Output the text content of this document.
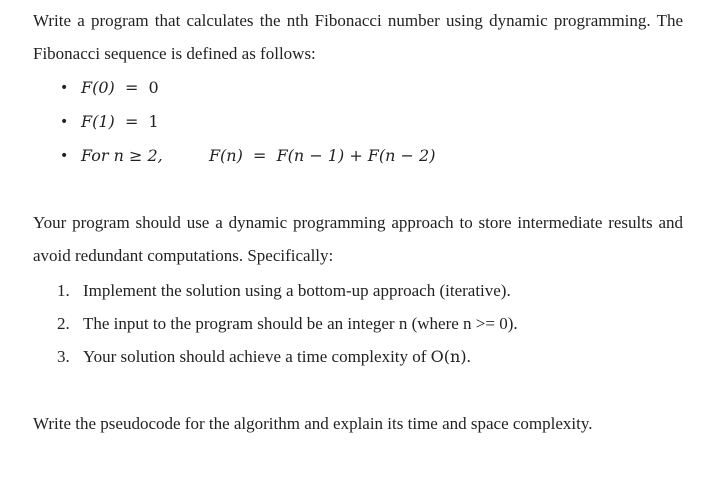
Write a program that calculates the nth Fibonacci number using dynamic programming. The Fibonacci sequence is defined as follows:

• F(0) = 0
• F(1) = 1
• For n ≥ 2,	F(n) = F(n − 1) + F(n − 2)

Your program should use a dynamic programming approach to store intermediate results and avoid redundant computations. Specifically:

1. Implement the solution using a bottom-up approach (iterative).
2. The input to the program should be an integer n (where n >= 0).
3. Your solution should achieve a time complexity of O(n).

Write the pseudocode for the algorithm and explain its time and space complexity.
